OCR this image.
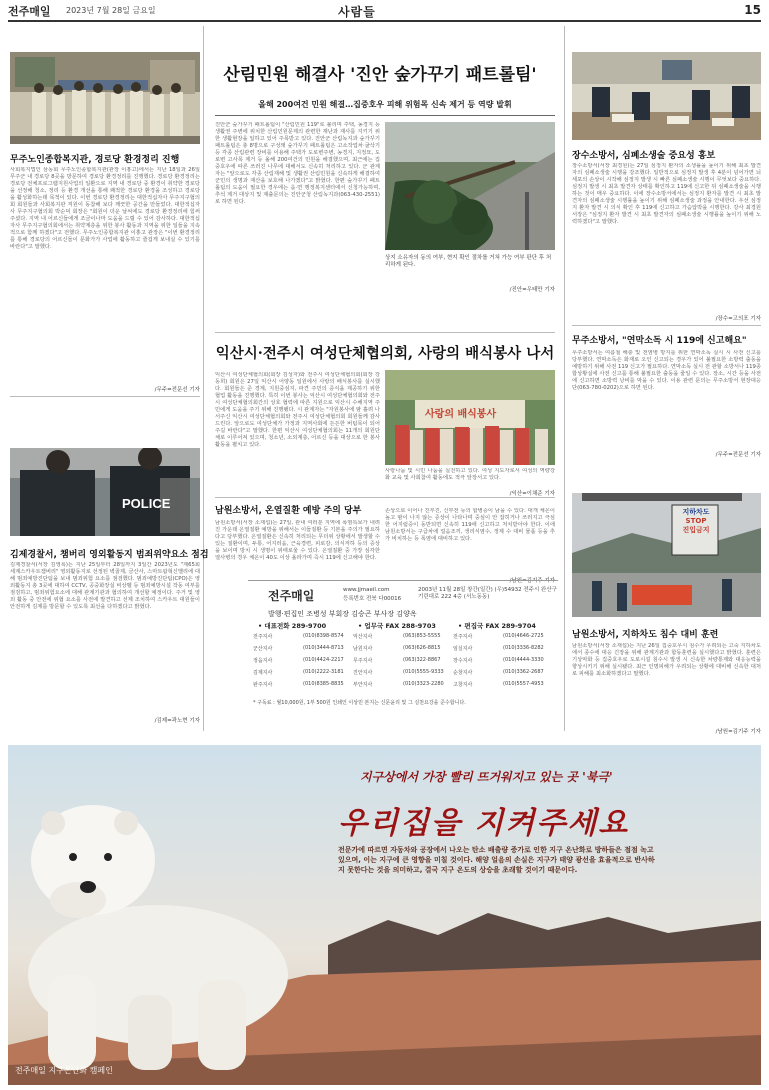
전주매일 2023년 7월 28일 금요일	사람들	15
무주노인종합복지관, 경로당 환경정리 진행
사회복지법인 삼동회 무주노인종합복지관(관장 이홍고)에서는 지난 18일과 26일 무주군 내 경로당 8곳을 방문하여 경로당 환경정리를 진행했다. 경로당 환경정리는 경로당 전체프로그램지원사업의 일환으로 지역 내 경로당 중 환경이 취약한 경로당을 선정해 청소, 정리 등 환경 개선을 통해 쾌적한 경로당 환경을 조성하고 경로당을 활성화하는데 목적이 있다. 이번 경로당 환경정리는 대한적십자사 무주지구협의회 회원들과 사회복지관 직원이 동참해 보다 깨끗한 공간을 만들었다. 대한적십자사 무주지구협의회 박순덕 회장은 "회원이 더운 날씨에도 경로당 환경정리에 힘써 주셨다. 지역 내 어르신들에게 조금이나마 도움을 드릴 수 있어 감사하다. 대한적십자사 무주지구협의회에서는 취약계층을 위한 봉사 활동과 지역을 위한 일들을 지속적으로 함께 하겠다"고 전했다. 무주노인종합복지관 이홍고 관장은 "이번 환경정리를 통해 경로당의 어르신들이 문화가가 사업에 활동하고 즐겁게 보내실 수 있기를 바란다"고 말했다.
/무주=전문선 기자
POLICE
김제경찰서, 챔버리 영외활동지 범죄위약요소 점검
김제경찰서(서장 김영록)는 지난 25일부터 28일까지 3일간 2023년도 "제65회 세계스카우트잼버리" 영외활동지로 선정된 벽골제, 금산사, 스마트팜혁신밸리에 대해 범죄예방진단팀을 보내 범죄위험 요소를 점검했다. 범죄예방진단팀(CPO)은 영외활동지 총 3곳에 대하여 CCTV, 공중화장실 비상벨 등 범죄예방시설 작동 여부를 점검하고, 범죄위험요소에 대해 관계기관과 협의하여 개선할 예정이다. 주거 및 영외 활동 중 안전에 위협 요소를 사전에 발견하고 선제 조치하여 스카우트 대원들이 안전하게 김제를 방문할 수 있도록 최선을 다하겠다고 밝혔다.
/김제=곽노현 기자
산림민원 해결사 '진안 숲가꾸기 패트롤팀'
올해 200여건 민원 해결…집중호우 피해 위험목 신속 제거 등 역량 발휘
진안군 숲가꾸기 패트롤팀이 "산림민원 119"로 불리며 주택, 농경지 등 생활권 주변에 위치한 산림민원문제의 관련한 재난과 재사를 지키기 위한 생활현장을 일하고 있어 주목받고 있다. 진안군 산림녹지과 숲가꾸기 패트롤팀은 총 8명으로 구성돼 숲가꾸기 패트롤팀은 고소작업차·굴삭기 등 각종 산림관련 장비를 이용해 주택가 도로변주변, 농경지, 지정묘, 도로변 고사목 제거 등 올해 200여건의 민원을 해결했으며, 최근에는 집중호우에 따른 쓰러진 나무에 대해서도 신속히 처리하고 있다. 군 관계자는 "앞으로도 각종 산림재해 및 생활권 산림민원을 신속하게 해결하여 군민의 생명과 재산을 보호해 나가겠다"고 밝혔다. 한편 숲가꾸기 패트롤팀의 도움이 필요한 경우에는 읍·면 행정복지센터에서 신청가능하며, 추석 제거 대상지 및 제출문의는 진안군청 산림녹지과(063-430-2551)로 하면 된다.
상지 소유자의 동의 여부, 현지 확인 절차를 거쳐 가능 여부 판단 후 처리하게 된다.
/진안=우태만 기자
익산시·전주시 여성단체협의회, 사랑의 배식봉사 나서
익산시 여성단체협의회(회장 김성자)와 전주시 여성단체협의회(회장 강동희) 회원은 27일 익산시 어양동 일원에서 사랑의 배식봉사를 실시했다. 회원들은 준 경계, 지원중심지, 파견 주민의 증식을 제공하기 위한 협업 활동을 진행했다. 특히 이번 봉사는 익산시 여성단체협의회와 전주시 여성단체협의회간의 상호 협력에 따른 지원으로 익산시 수해지역 주민에게 도움을 주기 위해 진행됐다. 시 관계자는 "자원봉사에 땀 흘려 나서주신 익산시 여성단체협의회와 전주시 여성단체협의회 회원들께 감사드린다. 앞으로도 여성단체가 가정과 지역사회에 든든한 버팀목이 되어주길 바란다"고 말했다. 한편 익산시 여성단체협의회는 11개의 회원단체로 이루어져 있으며, 청소년, 소외계층, 어르신 등을 대상으로 한 봉사활동을 펼치고 있다.
사랑의 배식봉사
사랑나눔 및 시민 나눔을 실천하고 있다. 여성 지도자로서 여성의 역량강화 교육 및 사회참여 활동에도 적극 앞장서고 있다.
/익산=이채준 기자
남원소방서, 온열질환 예방 주의 당부
남원소방서(서장 소재섭)는 27일, 관내 여러분 지역에 폭염특보가 내려진 가운데 온열질환 예방을 위해서는 이들질환 등 기본을 주의가 필요하다고 당부했다. 온열질환은 신속히 처리되는 무더위 상황에서 발생할 수 있는 질환이며, 두통, 어지러움, 근육경련, 피로감, 의식저하 등의 증상을 보이며 방치 시 생명이 위태로울 수 있다. 온열질환 중 가장 심각한 열사병의 경우 체온이 40도 이상 올라가며 즉시 119에 신고해야 한다.
손상으로 이어나 진부진, 신부전 등의 합병증이 남을 수 있다. 대개 체온이 높고 땀이 나지 않는 증상이 나타나며 중심이 안 잡히거나 쓰러지고 극심한 어지럼증이 동반되면 신속히 119에 신고하고 처치받아야 한다. 이에 남원소방서는 구급차에 얼음조끼, 생리식염수, 정제 수 대비 물품 등을 추가 비치하는 등 폭염에 대비하고 있다.
/남원=김기주 기자
전주매일	www.jjmaeil.com
등록번호 전북 다00016
2003년 11월 28일 창간(일간) (우)54932 전주시 완산구 기린대로 222 4층 (서노동동)
발행·편집인 조병성 부회장 김승곤 부사장 김양옥
• 대표전화 289-9700	• 업무국 FAX 288-9703	• 편집국 FAX 289-9704
전주지사	(010)8398-8574 익산지사	(063)853-5555 전주지사	(010)4646-2725
군산지사	(010)3444-8713 남원지사	(063)626-8815 임실지사	(010)3336-8282
정읍지사	(010)4424-2217 무주지사	(063)322-8867 장수지사	(010)4444-3330
김제지사	(010)2222-3181 진안지사	(010)5555-9333 순창지사	(010)3362-2687
완주지사	(010)8385-8835 부안지사	(010)3323-2280 고창지사	(010)5557-4953
* 구독료 : 월10,000원, 1부 500원 인쇄인 이상민 본지는 신문윤리 및 그 실천요강을 준수합니다.
장수소방서, 심폐소생술 중요성 홍보
장수소방서(서장 최경원)는 27일 심정지 환자의 소생률을 높이기 위해 최초 발견자의 심폐소생술 시행을 강조했다. 일반적으로 심정지 발생 후 4분이 넘어가면 뇌세포의 손상이 시작해 심정지 발생 시 빠른 심폐소생술 시행이 무엇보다 중요하다. 심정지 발생 시 최초 발견자 상태를 확인하고 119에 신고한 뒤 심폐소생술을 시행하는 것이 매우 중요하다. 이에 장수소방서에서는 심정지 환자를 발견 시 최초 발견자의 심폐소생술 시행률을 높이기 위해 심폐소생술 과정을 안내한다. 우선 심정지 환자 발견 시 의식 확인 후 119에 신고하고 가슴압박을 시행한다. 강사 최경원 서장은 "심정지 환자 발견 시 최초 발견자의 심폐소생술 시행률을 높이기 위해 노력하겠다"고 말했다.
/장수=고의포 기자
무주소방서, "연막소독 시 119에 신고해요"
무주소방서는 여름철 해충 및 전염병 방지를 위한 연막소독 실시 시 사전 신고를 당부했다. 연막소독은 화재로 오인 신고되는 경우가 있어 불필요한 소방력 출동을 예방하기 위해 사전 119 신고가 필요하다. 연막소독 실시 전 관할 소방서나 119종합상황실에 사전 신고를 통해 불필요한 출동을 줄일 수 있다. 장소, 시간 등을 사전에 신고하면 소방력 낭비를 막을 수 있다. 이용 관련 문의는 무주소방서 현장대응단(063-780-0202)으로 하면 된다.
/무주=전문선 기자
지하차도
STOP
진입금지
남원소방서, 지하차도 침수 대비 훈련
남원소방서(서장 소재섭)는 지난 26일 집중호우시 침수가 우려되는 고죽 지하차도에서 종수에 대응 긴장을 위해 관계기관과 합동훈련을 실시했다고 밝혔다. 훈련은 기상악화 등 집중호우로 도로시설 침수시 발생 시 신속한 차량통제와 대응능력을 향상시키기 위해 실시됐다. 최근 인명피해가 우려되는 상황에 대비해 신속한 대처로 피해를 최소화하겠다고 말했다.
/남원=김기주 기자
지구상에서 가장 빨리 뜨거워지고 있는 곳 '북극'
우리집을 지켜주세요
전문가에 따르면 자동차와 공장에서 나오는 탄소 배출량 증가로 인한 지구 온난화로 방하들은 점점 녹고 있으며, 이는 지구에 큰 영향을 미칠 것이다. 해양 얼음의 손실은 지구가 태양 광선을 효율적으로 반사하지 못한다는 것을 의미하고, 결국 지구 온도의 상승을 초래할 것이기 때문이다.
전주매일 지구온난화 캠페인
